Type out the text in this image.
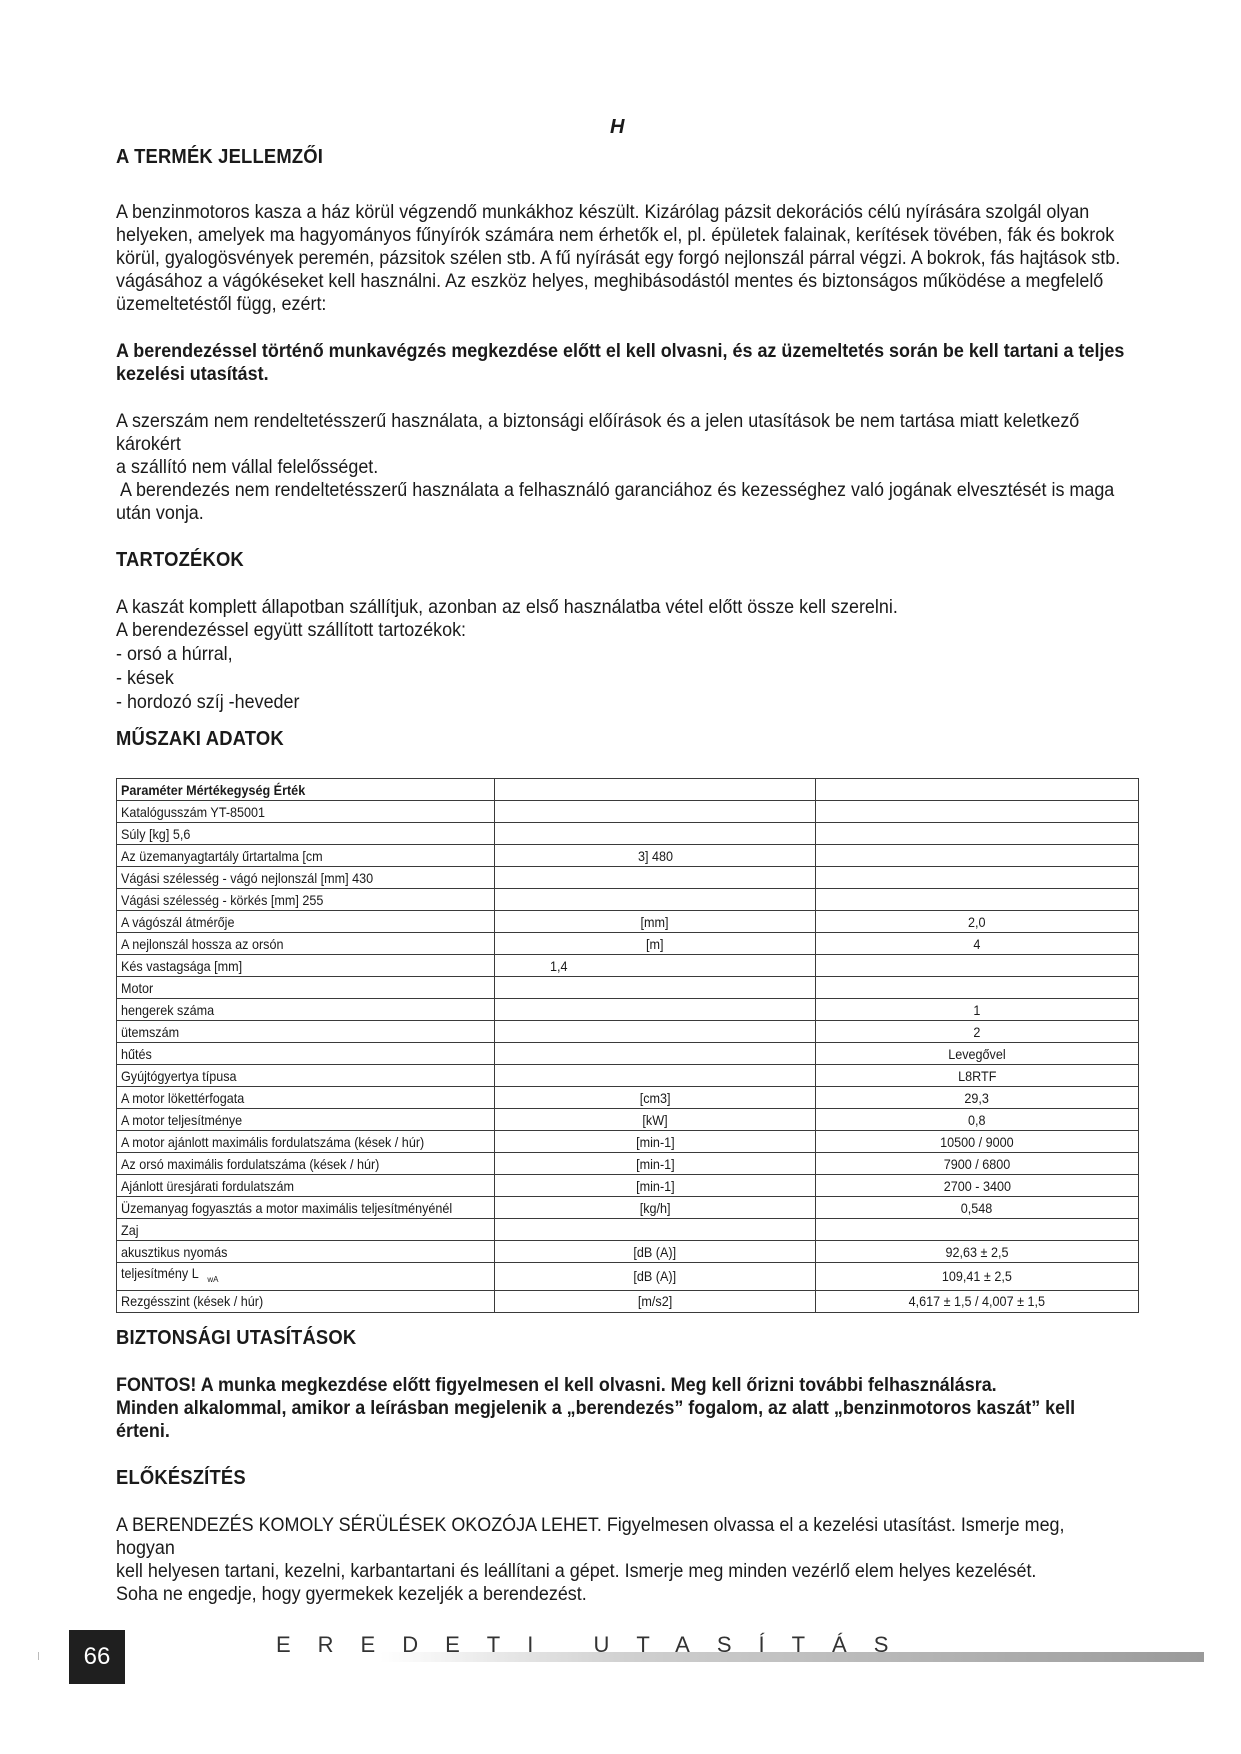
H
A TERMÉK JELLEMZŐI

A benzinmotoros kasza a ház körül végzendő munkákhoz készült. Kizárólag pázsit dekorációs célú nyírására szolgál olyan

helyeken, amelyek ma hagyományos fűnyírók számára nem érhetők el, pl. épületek falainak, kerítések tövében, fák és bokrok

körül, gyalogösvények peremén, pázsitok szélen stb. A fű nyírását egy forgó nejlonszál párral végzi. A bokrok, fás hajtások stb.

vágásához a vágókéseket kell használni. Az eszköz helyes, meghibásodástól mentes és biztonságos működése a megfelelő

üzemeltetéstől függ, ezért:

A berendezéssel történő munkavégzés megkezdése előtt el kell olvasni, és az üzemeltetés során be kell tartani a teljes

kezelési utasítást.

A szerszám nem rendeltetésszerű használata, a biztonsági előírások és a jelen utasítások be nem tartása miatt keletkező károkért

a szállító nem vállal felelősséget.

A berendezés nem rendeltetésszerű használata a felhasználó garanciához és kezességhez való jogának elvesztését is maga

után vonja.

TARTOZÉKOK

A kaszát komplett állapotban szállítjuk, azonban az első használatba vétel előtt össze kell szerelni.

A berendezéssel együtt szállított tartozékok:

- orsó a húrral,
- kések
- hordozó szíj -heveder
MŰSZAKI ADATOK
Paraméter Mértékegység Érték		
Katalógusszám YT-85001		
Súly [kg] 5,6		
Az üzemanyagtartály űrtartalma [cm	3] 480	
Vágási szélesség - vágó nejlonszál [mm] 430		
Vágási szélesség - körkés [mm] 255		
A vágószál átmérője	[mm]	2,0
A nejlonszál hossza az orsón	[m]	4
Kés vastagsága [mm]	1,4	
Motor		
hengerek száma		1
ütemszám		2
hűtés		Levegővel
Gyújtógyertya típusa		L8RTF
A motor lökettérfogata	[cm3]	29,3
A motor teljesítménye	[kW]	0,8
A motor ajánlott maximális fordulatszáma (kések / húr)	[min-1]	10500 / 9000
Az orsó maximális fordulatszáma (kések / húr)	[min-1]	7900 / 6800
Ajánlott üresjárati fordulatszám	[min-1]	2700 - 3400
Üzemanyag fogyasztás a motor maximális teljesítményénél	[kg/h]	0,548
Zaj		
akusztikus nyomás	[dB (A)]	92,63 ± 2,5
teljesítmény L $_{wA}$	[dB (A)]	109,41 ± 2,5
Rezgésszint (kések / húr)	[m/s2]	4,617 ± 1,5 / 4,007 ± 1,5
BIZTONSÁGI UTASÍTÁSOK

FONTOS! A munka megkezdése előtt figyelmesen el kell olvasni. Meg kell őrizni további felhasználásra.

Minden alkalommal, amikor a leírásban megjelenik a „berendezés” fogalom, az alatt „benzinmotoros kaszát” kell érteni.

ELŐKÉSZÍTÉS

A BERENDEZÉS KOMOLY SÉRÜLÉSEK OKOZÓJA LEHET. Figyelmesen olvassa el a kezelési utasítást. Ismerje meg, hogyan

kell helyesen tartani, kezelni, karbantartani és leállítani a gépet. Ismerje meg minden vezérlő elem helyes kezelését.

Soha ne engedje, hogy gyermekek kezeljék a berendezést.

66	EREDETI UTASÍTÁS
